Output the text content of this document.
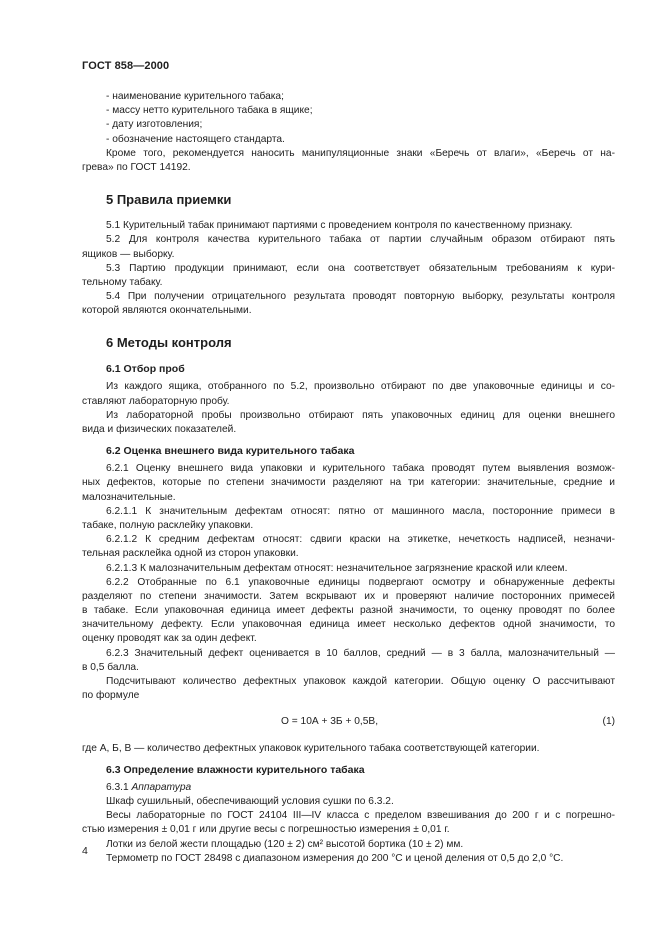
ГОСТ 858—2000
- наименование курительного табака;
- массу нетто курительного табака в ящике;
- дату изготовления;
- обозначение настоящего стандарта.
Кроме того, рекомендуется наносить манипуляционные знаки «Беречь от влаги», «Беречь от на-
грева» по ГОСТ 14192.
5 Правила приемки
5.1 Курительный табак принимают партиями с проведением контроля по качественному признаку.
5.2 Для контроля качества курительного табака от партии случайным образом отбирают пять
ящиков — выборку.
5.3 Партию продукции принимают, если она соответствует обязательным требованиям к кури-
тельному табаку.
5.4 При получении отрицательного результата проводят повторную выборку, результаты контроля
которой являются окончательными.
6 Методы контроля
6.1 Отбор проб
Из каждого ящика, отобранного по 5.2, произвольно отбирают по две упаковочные единицы и со-
ставляют лабораторную пробу.
Из лабораторной пробы произвольно отбирают пять упаковочных единиц для оценки внешнего
вида и физических показателей.
6.2 Оценка внешнего вида курительного табака
6.2.1 Оценку внешнего вида упаковки и курительного табака проводят путем выявления возмож-
ных дефектов, которые по степени значимости разделяют на три категории: значительные, средние и
малозначительные.
6.2.1.1 К значительным дефектам относят: пятно от машинного масла, посторонние примеси в
табаке, полную расклейку упаковки.
6.2.1.2 К средним дефектам относят: сдвиги краски на этикетке, нечеткость надписей, незначи-
тельная расклейка одной из сторон упаковки.
6.2.1.3 К малозначительным дефектам относят: незначительное загрязнение краской или клеем.
6.2.2 Отобранные по 6.1 упаковочные единицы подвергают осмотру и обнаруженные дефекты
разделяют по степени значимости. Затем вскрывают их и проверяют наличие посторонних примесей
в табаке. Если упаковочная единица имеет дефекты разной значимости, то оценку проводят по более
значительному дефекту. Если упаковочная единица имеет несколько дефектов одной значимости, то
оценку проводят как за один дефект.
6.2.3 Значительный дефект оценивается в 10 баллов, средний — в 3 балла, малозначительный —
в 0,5 балла.
Подсчитывают количество дефектных упаковок каждой категории. Общую оценку О рассчитывают
по формуле
О = 10А + 3Б + 0,5В,	(1)
где А, Б, В — количество дефектных упаковок курительного табака соответствующей категории.
6.3 Определение влажности курительного табака
6.3.1 Аппаратура
Шкаф сушильный, обеспечивающий условия сушки по 6.3.2.
Весы лабораторные по ГОСТ 24104 III—IV класса с пределом взвешивания до 200 г и с погрешно-
стью измерения ± 0,01 г или другие весы с погрешностью измерения ± 0,01 г.
Лотки из белой жести площадью (120 ± 2) см² высотой бортика (10 ± 2) мм.
Термометр по ГОСТ 28498 с диапазоном измерения до 200 °С и ценой деления от 0,5 до 2,0 °С.
4
